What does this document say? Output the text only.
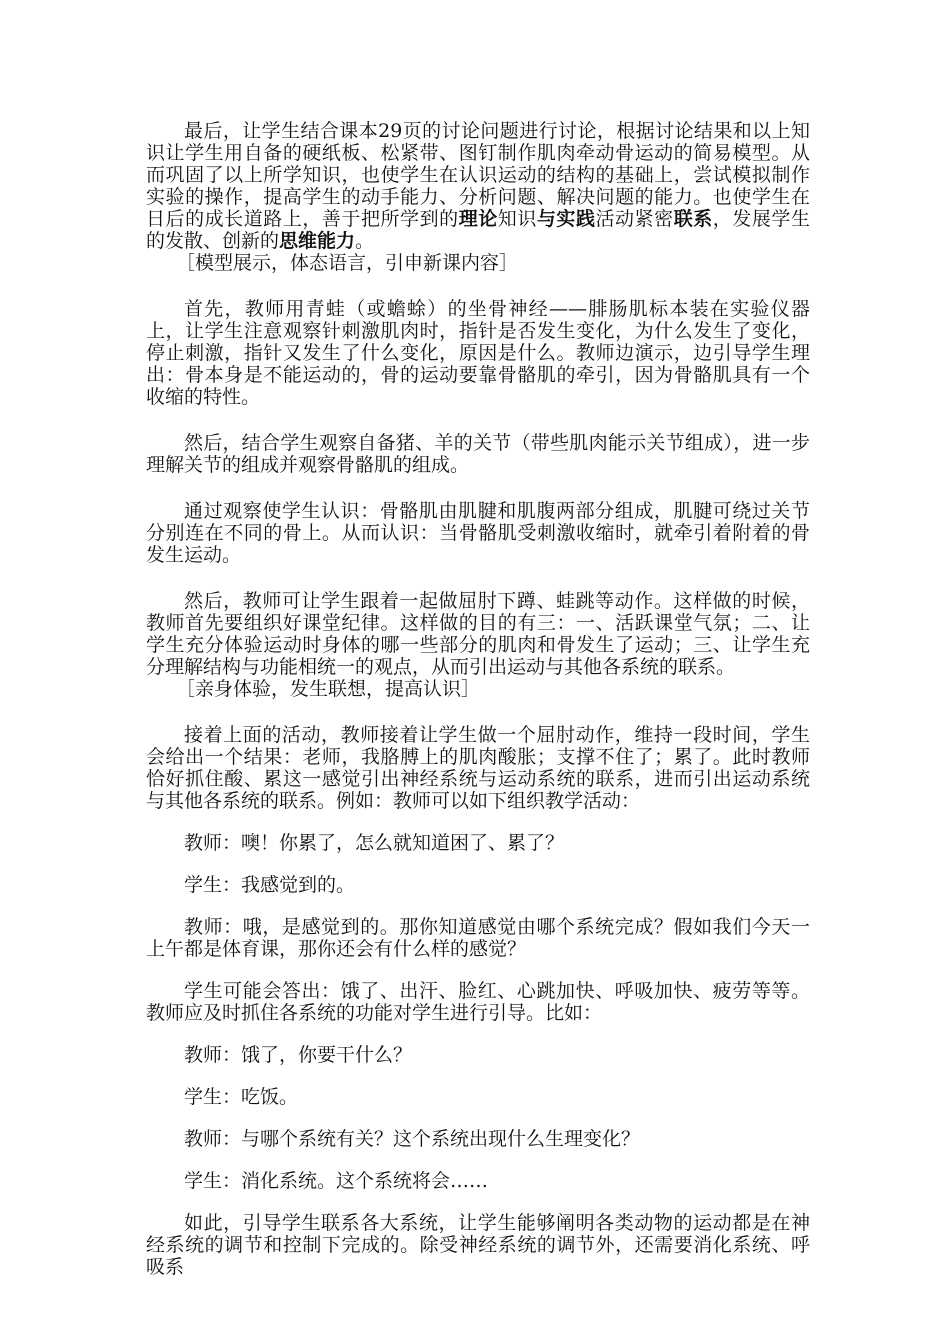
最后，让学生结合课本29页的讨论问题进行讨论，根据讨论结果和以上知识让学生用自备的硬纸板、松紧带、图钉制作肌肉牵动骨运动的简易模型。从而巩固了以上所学知识，也使学生在认识运动的结构的基础上，尝试模拟制作实验的操作，提高学生的动手能力、分析问题、解决问题的能力。也使学生在日后的成长道路上，善于把所学到的理论知识与实践活动紧密联系，发展学生的发散、创新的思维能力。

［模型展示，体态语言，引申新课内容］

首先，教师用青蛙（或蟾蜍）的坐骨神经——腓肠肌标本装在实验仪器上，让学生注意观察针刺激肌肉时，指针是否发生变化，为什么发生了变化，停止刺激，指针又发生了什么变化，原因是什么。教师边演示，边引导学生理出：骨本身是不能运动的，骨的运动要靠骨骼肌的牵引，因为骨骼肌具有一个收缩的特性。

然后，结合学生观察自备猪、羊的关节（带些肌肉能示关节组成），进一步理解关节的组成并观察骨骼肌的组成。

通过观察使学生认识：骨骼肌由肌腱和肌腹两部分组成，肌腱可绕过关节分别连在不同的骨上。从而认识：当骨骼肌受刺激收缩时，就牵引着附着的骨发生运动。

然后，教师可让学生跟着一起做屈肘下蹲、蛙跳等动作。这样做的时候，教师首先要组织好课堂纪律。这样做的目的有三：一、活跃课堂气氛；二、让学生充分体验运动时身体的哪一些部分的肌肉和骨发生了运动；三、让学生充分理解结构与功能相统一的观点，从而引出运动与其他各系统的联系。

［亲身体验，发生联想，提高认识］

接着上面的活动，教师接着让学生做一个屈肘动作，维持一段时间，学生会给出一个结果：老师，我胳膊上的肌肉酸胀；支撑不住了；累了。此时教师恰好抓住酸、累这一感觉引出神经系统与运动系统的联系，进而引出运动系统与其他各系统的联系。例如：教师可以如下组织教学活动：

教师：噢！你累了，怎么就知道困了、累了？

学生：我感觉到的。

教师：哦，是感觉到的。那你知道感觉由哪个系统完成？假如我们今天一上午都是体育课，那你还会有什么样的感觉？

学生可能会答出：饿了、出汗、脸红、心跳加快、呼吸加快、疲劳等等。教师应及时抓住各系统的功能对学生进行引导。比如：

教师：饿了，你要干什么？

学生：吃饭。

教师：与哪个系统有关？这个系统出现什么生理变化？

学生：消化系统。这个系统将会……

如此，引导学生联系各大系统，让学生能够阐明各类动物的运动都是在神经系统的调节和控制下完成的。除受神经系统的调节外，还需要消化系统、呼吸系
